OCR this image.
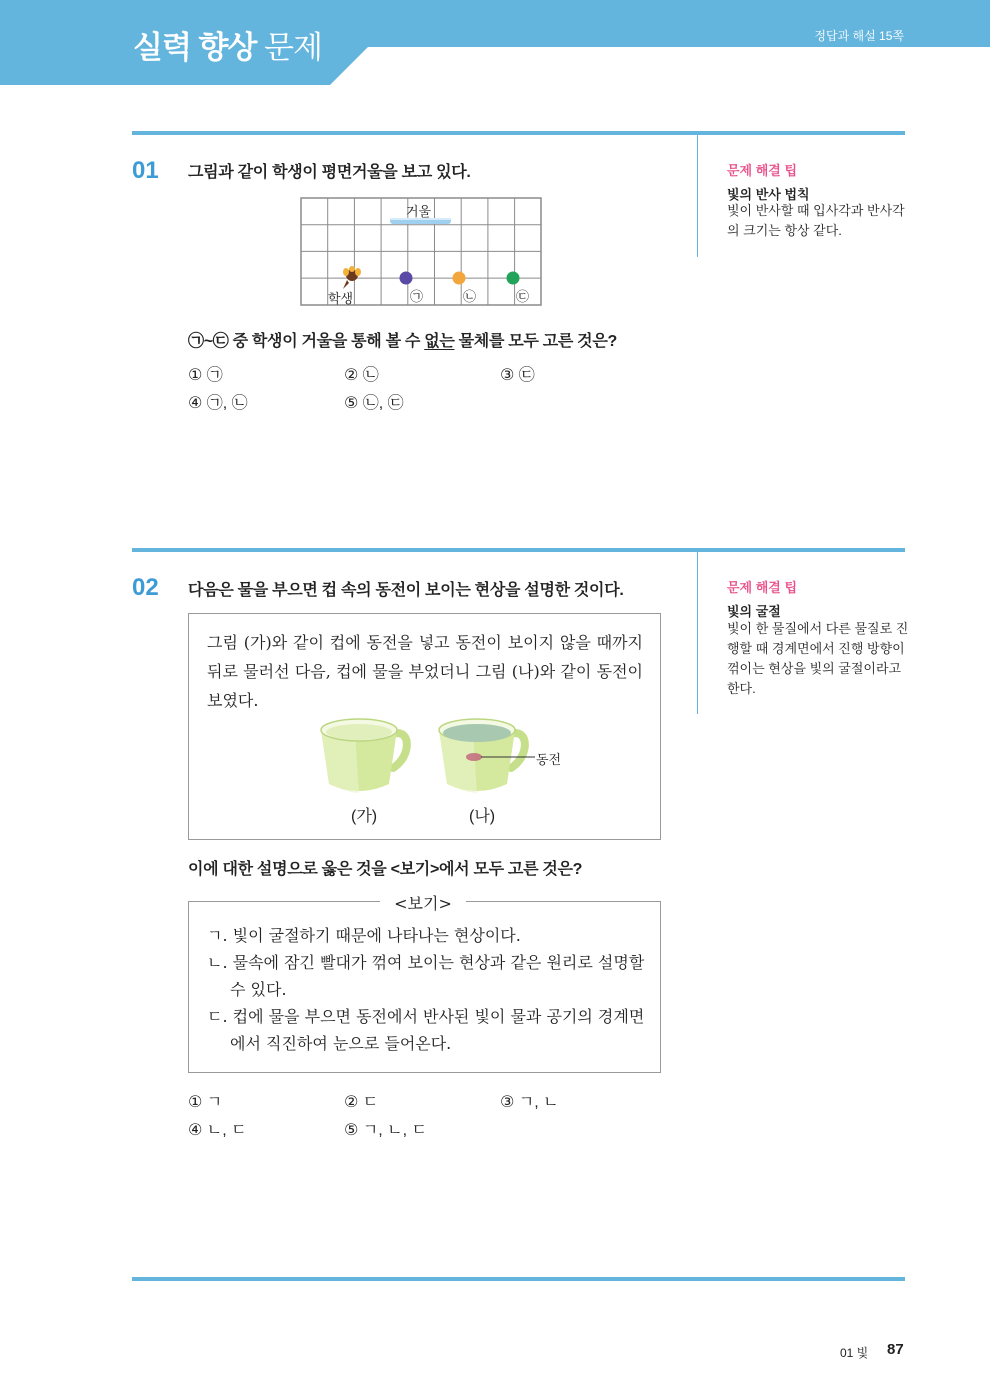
실력 향상 문제	정답과 해설 15쪽
01 그림과 같이 학생이 평면거울을 보고 있다.	문제 해결 팁
빛의 반사 법칙
빛이 반사할 때 입사각과 반사각의 크기는 항상 같다.
거울
학생	㉠	㉡	㉢
㉠~㉢ 중 학생이 거울을 통해 볼 수 없는 물체를 모두 고른 것은?
① ㉠	② ㉡	③ ㉢
④ ㉠, ㉡	⑤ ㉡, ㉢
02 다음은 물을 부으면 컵 속의 동전이 보이는 현상을 설명한 것이다.	문제 해결 팁
빛의 굴절
빛이 한 물질에서 다른 물질로 진행할 때 경계면에서 진행 방향이 꺾이는 현상을 빛의 굴절이라고 한다.
그림 (가)와 같이 컵에 동전을 넣고 동전이 보이지 않을 때까지 뒤로 물러선 다음, 컵에 물을 부었더니 그림 (나)와 같이 동전이 보였다.
동전
(가)	(나)
이에 대한 설명으로 옳은 것을 <보기>에서 모두 고른 것은?
<보기>
ㄱ. 빛이 굴절하기 때문에 나타나는 현상이다.
ㄴ. 물속에 잠긴 빨대가 꺾여 보이는 현상과 같은 원리로 설명할
수 있다.
ㄷ. 컵에 물을 부으면 동전에서 반사된 빛이 물과 공기의 경계면
에서 직진하여 눈으로 들어온다.
① ㄱ	② ㄷ	③ ㄱ, ㄴ
④ ㄴ, ㄷ	⑤ ㄱ, ㄴ, ㄷ
01 빛 87
